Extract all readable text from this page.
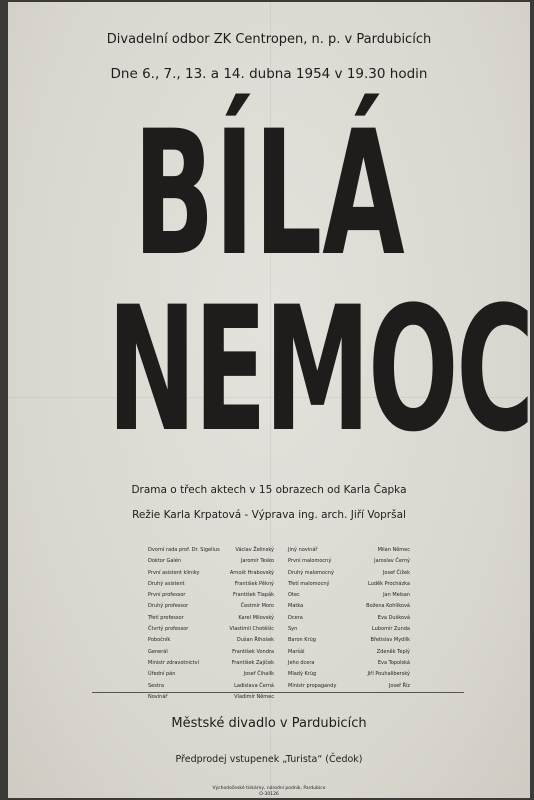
Divadelní odbor ZK Centropen, n. p. v Pardubicích
Dne 6., 7., 13. a 14. dubna 1954 v 19.30 hodin
BÍLÁ
NEMOC
Drama o třech aktech v 15 obrazech od Karla Čapka
Režie Karla Krpatová - Výprava ing. arch. Jiří Vopršal
Dvorní rada prof. Dr. Sigelius
Doktor Galén
První asistent kliniky
Druhý asistent
První professor
Druhý professor
Třetí professor
Čtvrtý professor
Pobočník
Generál
Ministr zdravotnictví
Úřední pán
Sestra
Novinář
Václav Želinský
Jaromír Tesko
Arnošt Hrabovský
František Pěkný
František Tlapák
Čestmír Moro
Karel Milovský
Vlastimil Chotěšic
Dušan Řihošek
František Vondra
František Zajíček
Josef Čihalík
Ladislava Černá
Vladimír Němec
Jiný novinář
První malomocný
Druhý malomocný
Třetí malomocný
Otec
Matka
Dcera
Syn
Baron Krüg
Maršál
Jeho dcera
Mladý Krüg
Ministr propagandy
Milan Němec
Jaroslav Černý
Josef Čížek
Luděk Procházka
Jan Melsan
Božena Kohlíková
Eva Dušková
Lubomír Zunda
Břetislav Mydlík
Zdeněk Teplý
Eva Topolská
Jiří Pouhaliberský
Josef Říz
Městské divadlo v Pardubicích
Předprodej vstupenek „Turista“ (Čedok)
Východočeské tiskárny, národní podnik, Pardubice
O-30126
